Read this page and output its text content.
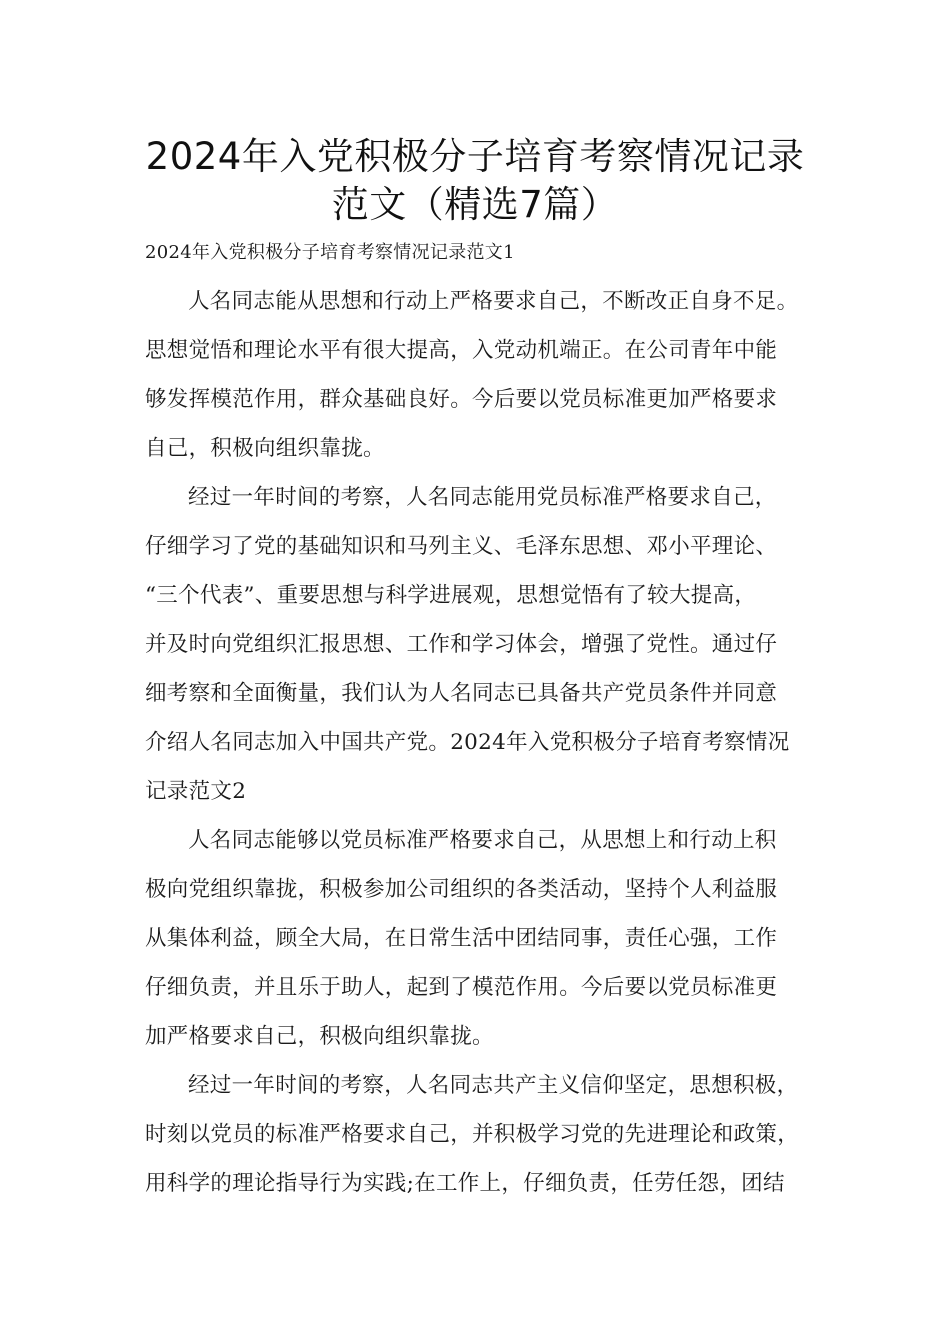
2024年入党积极分子培育考察情况记录
范文（精选7篇）
2024年入党积极分子培育考察情况记录范文1
人名同志能从思想和行动上严格要求自己，不断改正自身不足。
思想觉悟和理论水平有很大提高，入党动机端正。在公司青年中能
够发挥模范作用，群众基础良好。今后要以党员标准更加严格要求
自己，积极向组织靠拢。
经过一年时间的考察，人名同志能用党员标准严格要求自己，
仔细学习了党的基础知识和马列主义、毛泽东思想、邓小平理论、
“三个代表”、重要思想与科学进展观，思想觉悟有了较大提高，
并及时向党组织汇报思想、工作和学习体会，增强了党性。通过仔
细考察和全面衡量，我们认为人名同志已具备共产党员条件并同意
介绍人名同志加入中国共产党。2024年入党积极分子培育考察情况
记录范文2
人名同志能够以党员标准严格要求自己，从思想上和行动上积
极向党组织靠拢，积极参加公司组织的各类活动，坚持个人利益服
从集体利益，顾全大局，在日常生活中团结同事，责任心强，工作
仔细负责，并且乐于助人，起到了模范作用。今后要以党员标准更
加严格要求自己，积极向组织靠拢。
经过一年时间的考察，人名同志共产主义信仰坚定，思想积极，
时刻以党员的标准严格要求自己，并积极学习党的先进理论和政策，
用科学的理论指导行为实践;在工作上，仔细负责，任劳任怨，团结
